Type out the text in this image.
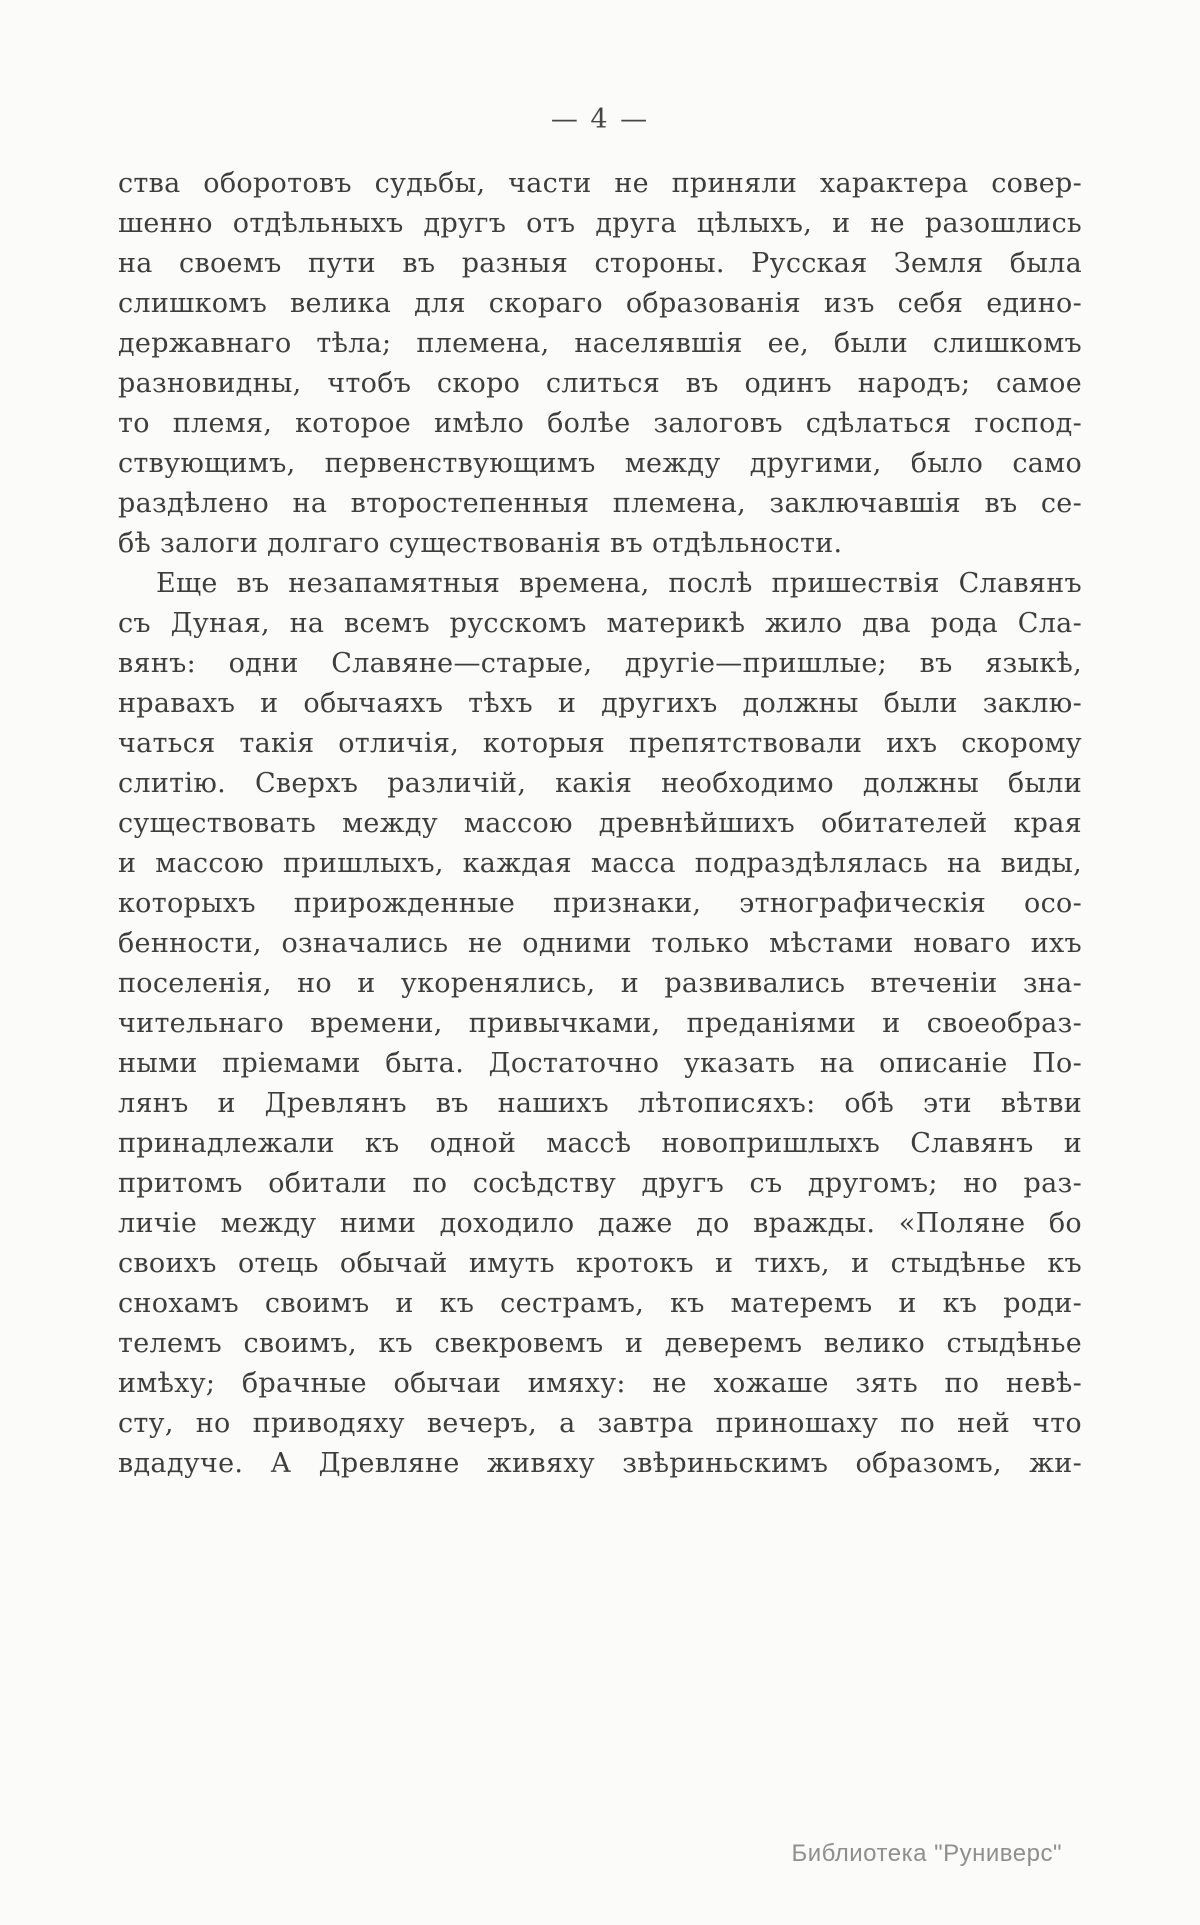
— 4 —
ства оборотовъ судьбы, части не приняли характера совер-
шенно отдѣльныхъ другъ отъ друга цѣлыхъ, и не разошлись
на своемъ пути въ разныя стороны. Русская Земля была
слишкомъ велика для скораго образованія изъ себя едино-
державнаго тѣла; племена, населявшія ее, были слишкомъ
разновидны, чтобъ скоро слиться въ одинъ народъ; самое
то племя, которое имѣло болѣе залоговъ сдѣлаться господ-
ствующимъ, первенствующимъ между другими, было само
раздѣлено на второстепенныя племена, заключавшія въ се-
бѣ залоги долгаго существованія въ отдѣльности.
Еще въ незапамятныя времена, послѣ пришествія Славянъ
съ Дуная, на всемъ русскомъ материкѣ жило два рода Сла-
вянъ: одни Славяне—старые, другіе—пришлые; въ языкѣ,
нравахъ и обычаяхъ тѣхъ и другихъ должны были заклю-
чаться такія отличія, которыя препятствовали ихъ скорому
слитію. Сверхъ различій, какія необходимо должны были
существовать между массою древнѣйшихъ обитателей края
и массою пришлыхъ, каждая масса подраздѣлялась на виды,
которыхъ прирожденные признаки, этнографическія осо-
бенности, означались не одними только мѣстами новаго ихъ
поселенія, но и укоренялись, и развивались втеченіи зна-
чительнаго времени, привычками, преданіями и своеобраз-
ными пріемами быта. Достаточно указать на описаніе По-
лянъ и Древлянъ въ нашихъ лѣтописяхъ: обѣ эти вѣтви
принадлежали къ одной массѣ новопришлыхъ Славянъ и
притомъ обитали по сосѣдству другъ съ другомъ; но раз-
личіе между ними доходило даже до вражды. «Поляне бо
своихъ отець обычай имуть кротокъ и тихъ, и стыдѣнье къ
снохамъ своимъ и къ сестрамъ, къ матеремъ и къ роди-
телемъ своимъ, къ свекровемъ и деверемъ велико стыдѣнье
имѣху; брачные обычаи имяху: не хожаше зять по невѣ-
сту, но приводяху вечеръ, а завтра приношаху по ней что
вдадуче. А Древляне живяху звѣриньскимъ образомъ, жи-
Библиотека "Руниверс"
